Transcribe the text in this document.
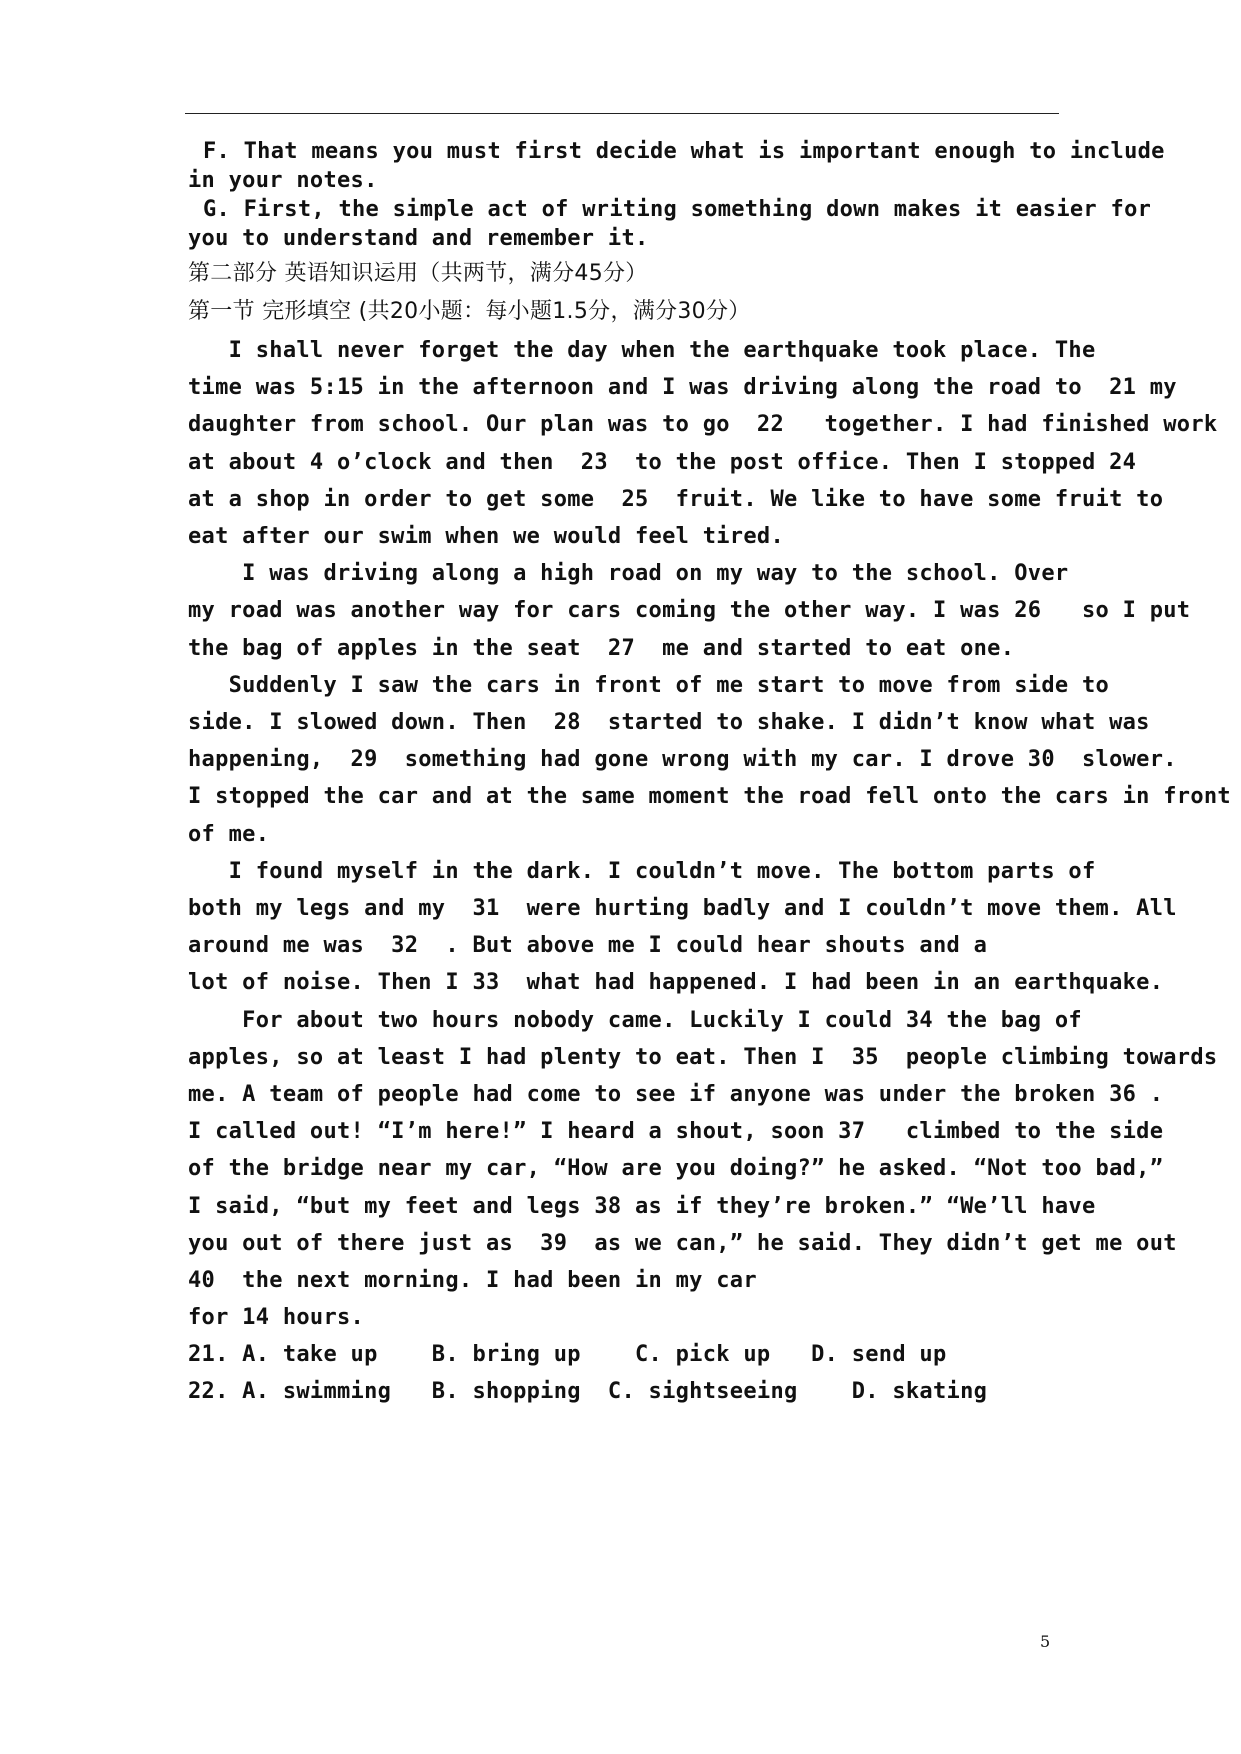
F. That means you must first decide what is important enough to include
in your notes.
G. First, the simple act of writing something down makes it easier for
you to understand and remember it.
第二部分 英语知识运用（共两节，满分45分）
第一节 完形填空 (共20小题：每小题1.5分，满分30分）
I shall never forget the day when the earthquake took place. The
time was 5:15 in the afternoon and I was driving along the road to  21 my
daughter from school. Our plan was to go  22   together. I had finished work
at about 4 o’clock and then  23  to the post office. Then I stopped 24
at a shop in order to get some  25  fruit. We like to have some fruit to
eat after our swim when we would feel tired.
I was driving along a high road on my way to the school. Over
my road was another way for cars coming the other way. I was 26   so I put
the bag of apples in the seat  27  me and started to eat one.
Suddenly I saw the cars in front of me start to move from side to
side. I slowed down. Then  28  started to shake. I didn’t know what was
happening,  29  something had gone wrong with my car. I drove 30  slower.
I stopped the car and at the same moment the road fell onto the cars in front
of me.
I found myself in the dark. I couldn’t move. The bottom parts of
both my legs and my  31  were hurting badly and I couldn’t move them. All
around me was  32  . But above me I could hear shouts and a
lot of noise. Then I 33  what had happened. I had been in an earthquake.
For about two hours nobody came. Luckily I could 34 the bag of
apples, so at least I had plenty to eat. Then I  35  people climbing towards
me. A team of people had come to see if anyone was under the broken 36 .
I called out! “I’m here!” I heard a shout, soon 37   climbed to the side
of the bridge near my car, “How are you doing?” he asked. “Not too bad,”
I said, “but my feet and legs 38 as if they’re broken.” “We’ll have
you out of there just as  39  as we can,” he said. They didn’t get me out
40  the next morning. I had been in my car
for 14 hours.
21. A. take up    B. bring up    C. pick up   D. send up
22. A. swimming   B. shopping  C. sightseeing    D. skating
5
